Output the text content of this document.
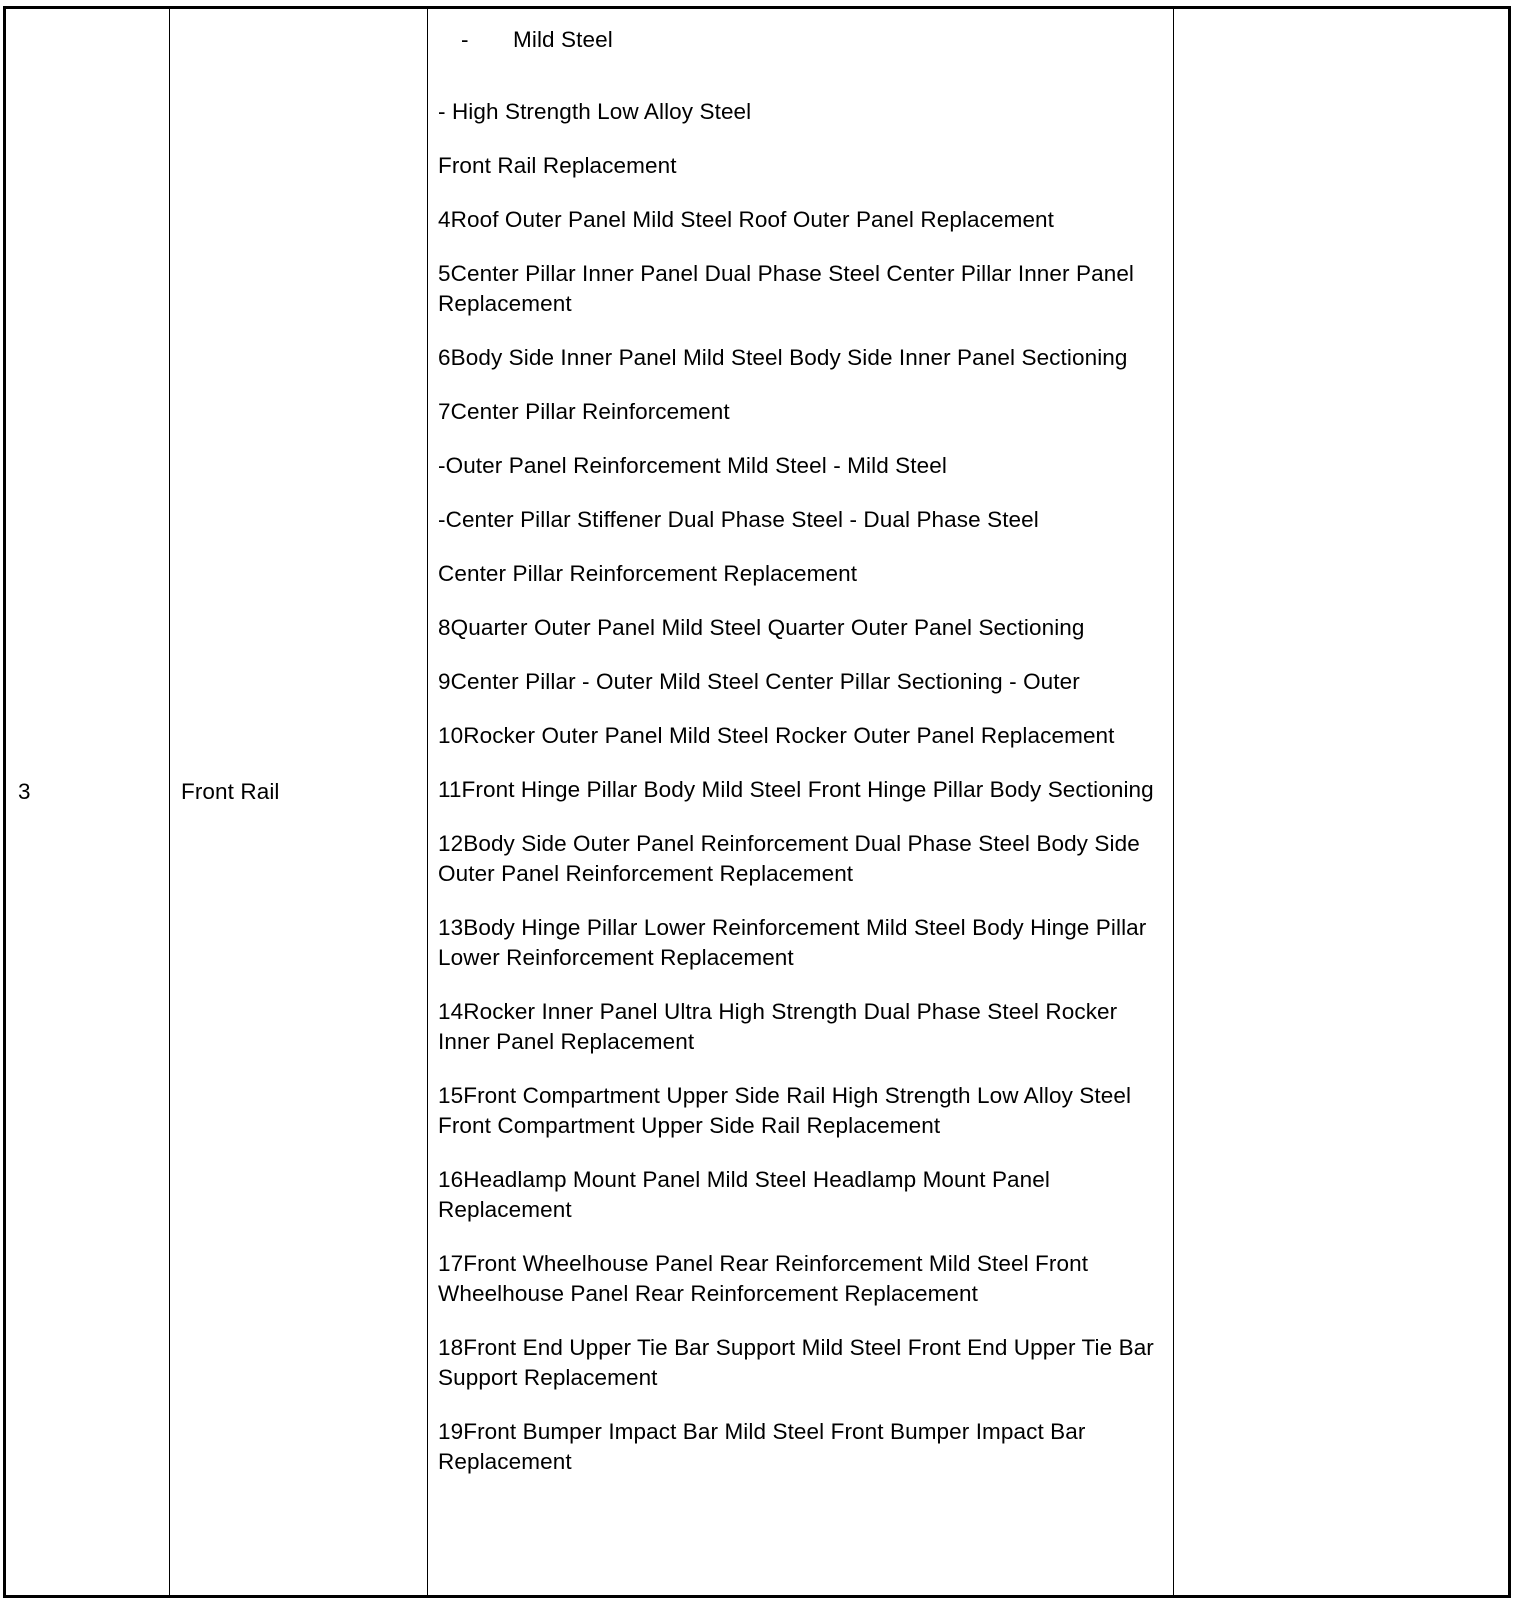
3	Front Rail
-	Mild Steel
- High Strength Low Alloy Steel
Front Rail Replacement
4Roof Outer Panel Mild Steel Roof Outer Panel Replacement
5Center Pillar Inner Panel Dual Phase Steel Center Pillar Inner Panel Replacement
6Body Side Inner Panel Mild Steel Body Side Inner Panel Sectioning
7Center Pillar Reinforcement
-Outer Panel Reinforcement Mild Steel - Mild Steel
-Center Pillar Stiffener Dual Phase Steel - Dual Phase Steel
Center Pillar Reinforcement Replacement
8Quarter Outer Panel Mild Steel Quarter Outer Panel Sectioning
9Center Pillar - Outer Mild Steel Center Pillar Sectioning - Outer
10Rocker Outer Panel Mild Steel Rocker Outer Panel Replacement
11Front Hinge Pillar Body Mild Steel Front Hinge Pillar Body Sectioning
12Body Side Outer Panel Reinforcement Dual Phase Steel Body Side Outer Panel Reinforcement Replacement
13Body Hinge Pillar Lower Reinforcement Mild Steel Body Hinge Pillar Lower Reinforcement Replacement
14Rocker Inner Panel Ultra High Strength Dual Phase Steel Rocker Inner Panel Replacement
15Front Compartment Upper Side Rail High Strength Low Alloy Steel Front Compartment Upper Side Rail Replacement
16Headlamp Mount Panel Mild Steel Headlamp Mount Panel Replacement
17Front Wheelhouse Panel Rear Reinforcement Mild Steel Front Wheelhouse Panel Rear Reinforcement Replacement
18Front End Upper Tie Bar Support Mild Steel Front End Upper Tie Bar Support Replacement
19Front Bumper Impact Bar Mild Steel Front Bumper Impact Bar Replacement
